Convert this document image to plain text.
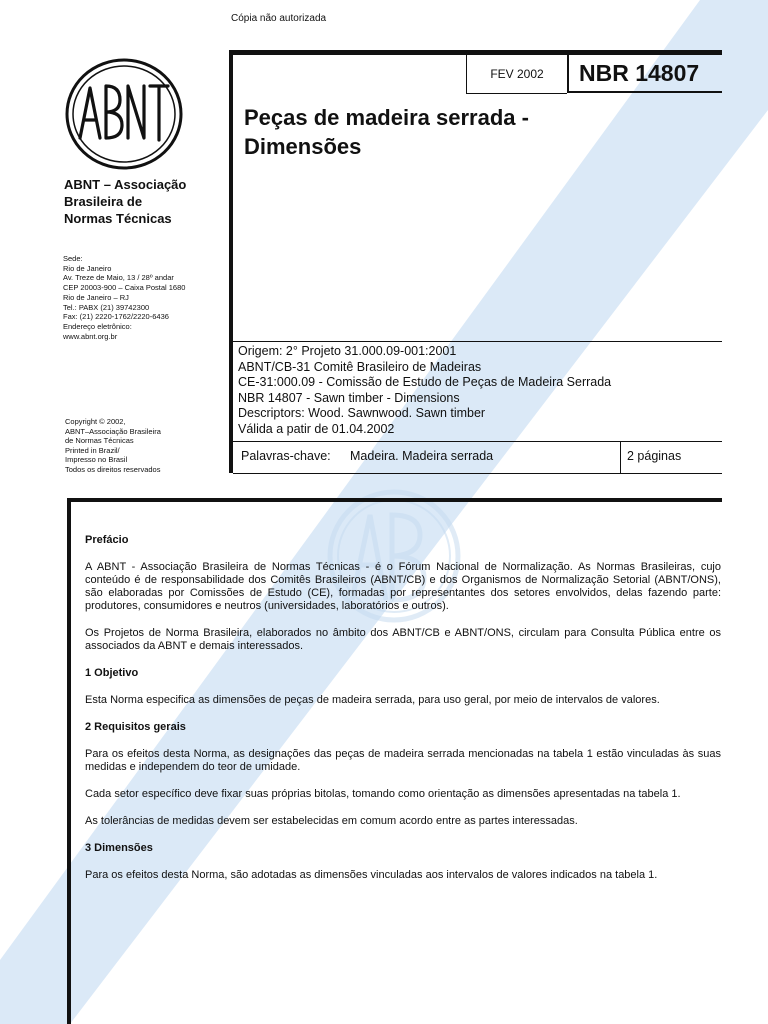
Cópia não autorizada
ABNT – Associação
Brasileira de
Normas Técnicas
Sede:
Rio de Janeiro
Av. Treze de Maio, 13 / 28º andar
CEP 20003-900 – Caixa Postal 1680
Rio de Janeiro – RJ
Tel.: PABX (21) 39742300
Fax: (21) 2220-1762/2220-6436
Endereço eletrônico:
www.abnt.org.br
Copyright © 2002,
ABNT–Associação Brasileira
de Normas Técnicas
Printed in Brazil/
Impresso no Brasil
Todos os direitos reservados
FEV 2002	NBR 14807
Peças de madeira serrada -
Dimensões
Origem: 2° Projeto 31.000.09-001:2001
ABNT/CB-31 Comitê Brasileiro de Madeiras
CE-31:000.09 - Comissão de Estudo de Peças de Madeira Serrada
NBR 14807 - Sawn timber - Dimensions
Descriptors: Wood. Sawnwood. Sawn timber
Válida a patir de 01.04.2002
Palavras-chave: Madeira. Madeira serrada	2 páginas
Prefácio

A ABNT - Associação Brasileira de Normas Técnicas - é o Fórum Nacional de Normalização. As Normas Brasileiras, cujo conteúdo é de responsabilidade dos Comitês Brasileiros (ABNT/CB) e dos Organismos de Normalização Setorial (ABNT/ONS), são elaboradas por Comissões de Estudo (CE), formadas por representantes dos setores envolvidos, delas fazendo parte: produtores, consumidores e neutros (universidades, laboratórios e outros).

Os Projetos de Norma Brasileira, elaborados no âmbito dos ABNT/CB e ABNT/ONS, circulam para Consulta Pública entre os associados da ABNT e demais interessados.

1 Objetivo

Esta Norma especifica as dimensões de peças de madeira serrada, para uso geral, por meio de intervalos de valores.

2 Requisitos gerais

Para os efeitos desta Norma, as designações das peças de madeira serrada mencionadas na tabela 1 estão vinculadas às suas medidas e independem do teor de umidade.

Cada setor específico deve fixar suas próprias bitolas, tomando como orientação as dimensões apresentadas na tabela 1.

As tolerâncias de medidas devem ser estabelecidas em comum acordo entre as partes interessadas.

3 Dimensões

Para os efeitos desta Norma, são adotadas as dimensões vinculadas aos intervalos de valores indicados na tabela 1.
